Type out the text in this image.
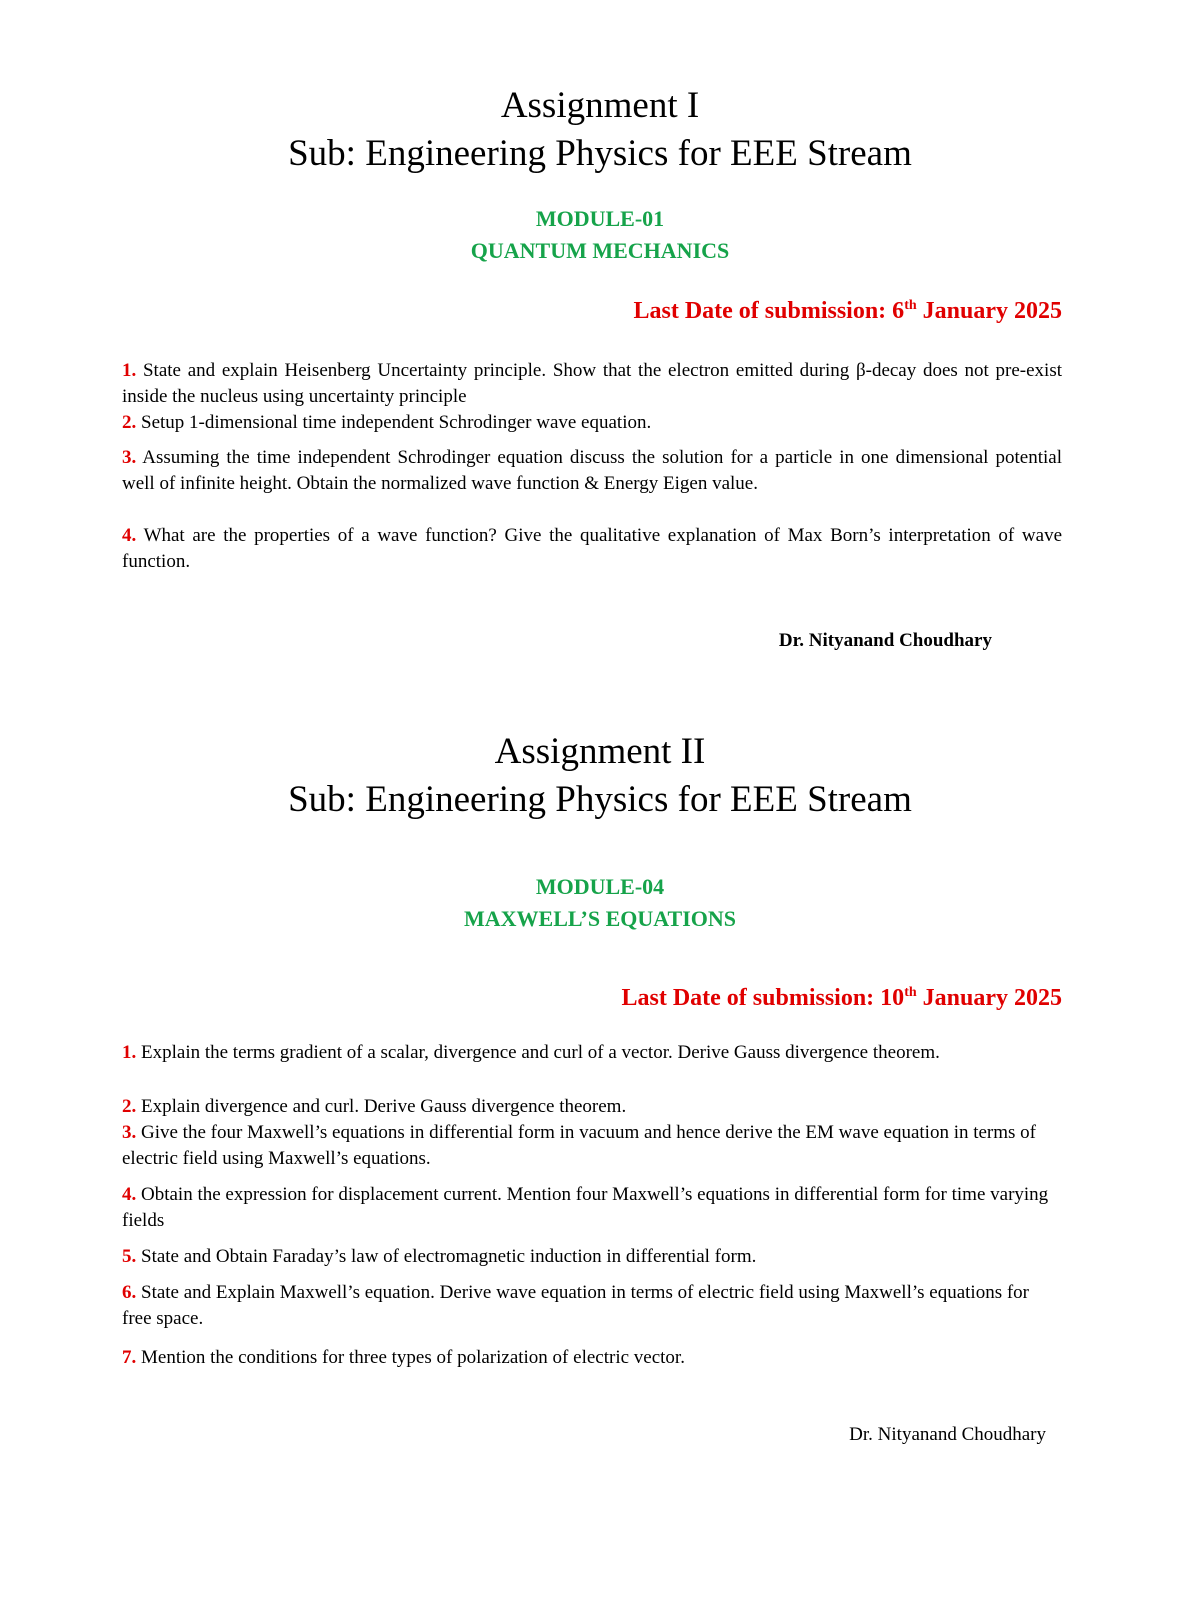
Assignment I
Sub: Engineering Physics for EEE Stream
MODULE-01
QUANTUM MECHANICS
Last Date of submission: 6th January 2025
1. State and explain Heisenberg Uncertainty principle. Show that the electron emitted during β-decay does not pre-exist inside the nucleus using uncertainty principle
2. Setup 1-dimensional time independent Schrodinger wave equation.
3. Assuming the time independent Schrodinger equation discuss the solution for a particle in one dimensional potential well of infinite height. Obtain the normalized wave function & Energy Eigen value.
4. What are the properties of a wave function? Give the qualitative explanation of Max Born’s interpretation of wave function.
Dr. Nityanand Choudhary
Assignment II
Sub: Engineering Physics for EEE Stream
MODULE-04
MAXWELL’S EQUATIONS
Last Date of submission: 10th January 2025
1. Explain the terms gradient of a scalar, divergence and curl of a vector. Derive Gauss divergence theorem.
2. Explain divergence and curl. Derive Gauss divergence theorem.
3. Give the four Maxwell’s equations in differential form in vacuum and hence derive the EM wave equation in terms of electric field using Maxwell’s equations.
4. Obtain the expression for displacement current. Mention four Maxwell’s equations in differential form for time varying fields
5. State and Obtain Faraday’s law of electromagnetic induction in differential form.
6. State and Explain Maxwell’s equation. Derive wave equation in terms of electric field using Maxwell’s equations for free space.
7. Mention the conditions for three types of polarization of electric vector.
Dr. Nityanand Choudhary
